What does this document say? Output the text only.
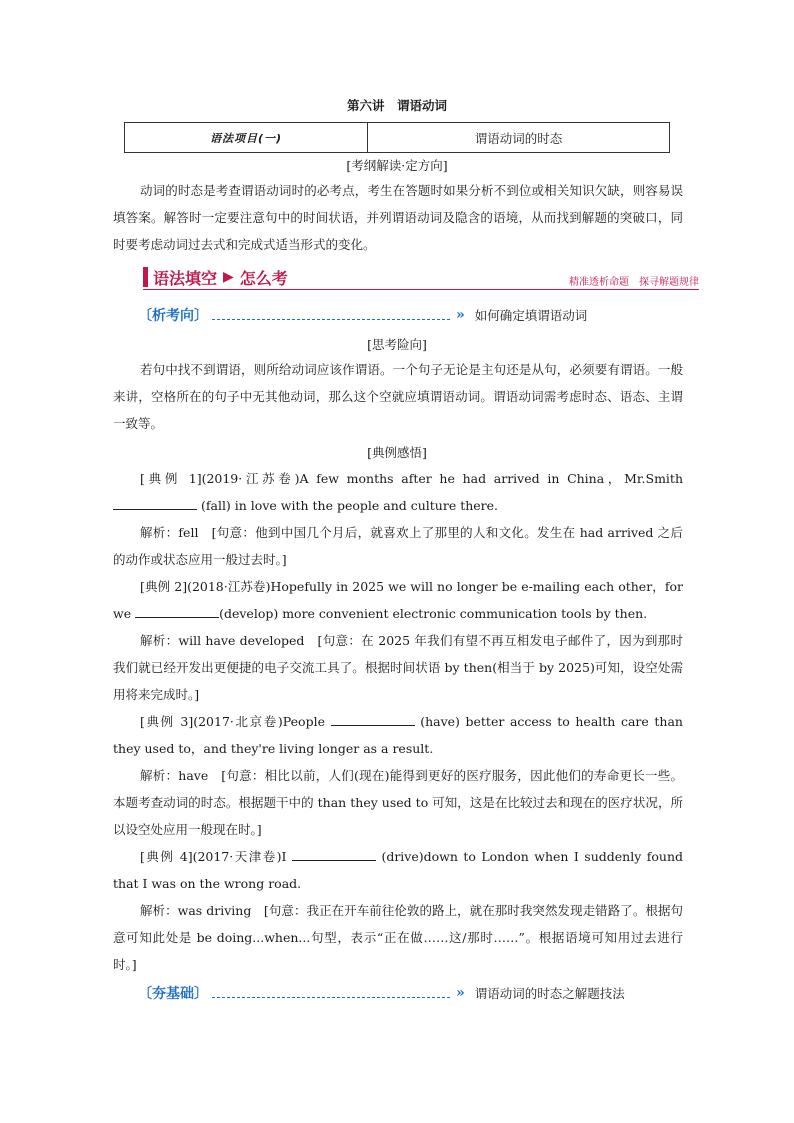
第六讲　谓语动词
语法项目(一)	谓语动词的时态
[考纲解读·定方向]

动词的时态是考查谓语动词时的必考点，考生在答题时如果分析不到位或相关知识欠缺，则容易误填答案。解答时一定要注意句中的时间状语，并列谓语动词及隐含的语境，从而找到解题的突破口，同时要考虑动词过去式和完成式适当形式的变化。

语法填空 ▶ 怎么考	精准透析命题　探寻解题规律
〔析考向〕	» 如何确定填谓语动词
[思考险向]

若句中找不到谓语，则所给动词应该作谓语。一个句子无论是主句还是从句，必须要有谓语。一般来讲，空格所在的句子中无其他动词，那么这个空就应填谓语动词。谓语动词需考虑时态、语态、主谓一致等。

[典例感悟]

[典例 1](2019·江苏卷)A few months after he had arrived in China，Mr.Smith (fall) in love with the people and culture there.

解析：fell　[句意：他到中国几个月后，就喜欢上了那里的人和文化。发生在 had arrived 之后的动作或状态应用一般过去时。]

[典例 2](2018·江苏卷)Hopefully in 2025 we will no longer be e-mailing each other，for we	(develop) more convenient electronic communication tools by then.

解析：will have developed　[句意：在 2025 年我们有望不再互相发电子邮件了，因为到那时我们就已经开发出更便捷的电子交流工具了。根据时间状语 by then(相当于 by 2025)可知，设空处需用将来完成时。]

[典例 3](2017·北京卷)People	(have) better access to health care than they used to，and they're living longer as a result.

解析：have　[句意：相比以前，人们(现在)能得到更好的医疗服务，因此他们的寿命更长一些。本题考查动词的时态。根据题干中的 than they used to 可知，这是在比较过去和现在的医疗状况，所以设空处应用一般现在时。]

[典例 4](2017·天津卷)I	(drive)down to London when I suddenly found that I was on the wrong road.

解析：was driving　[句意：我正在开车前往伦敦的路上，就在那时我突然发现走错路了。根据句意可知此处是 be doing...when...句型，表示“正在做……这/那时……”。根据语境可知用过去进行时。]

〔夯基础〕	» 谓语动词的时态之解题技法
